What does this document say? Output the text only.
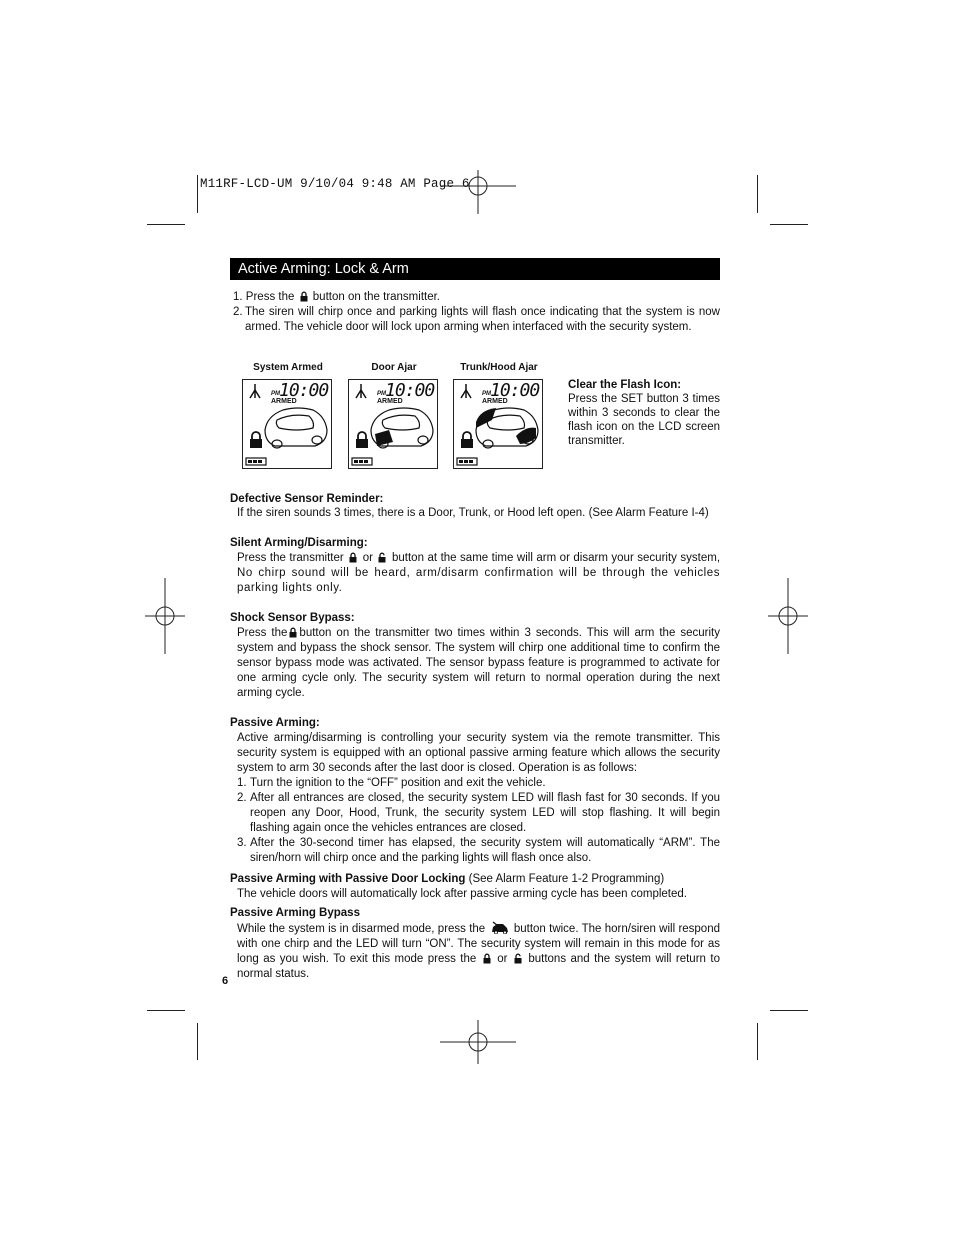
M11RF-LCD-UM 9/10/04 9:48 AM Page 6
Active Arming: Lock & Arm
1. Press the button on the transmitter.
2. The siren will chirp once and parking lights will flash once indicating that the system is now armed. The vehicle door will lock upon arming when interfaced with the security system.
System Armed	Door Ajar	Trunk/Hood Ajar
PM 10:00
ARMED
PM 10:00
ARMED
PM 10:00
ARMED
Clear the Flash Icon:
Press the SET button 3 times within 3 seconds to clear the flash icon on the LCD screen transmitter.
Defective Sensor Reminder:
If the siren sounds 3 times, there is a Door, Trunk, or Hood left open. (See Alarm Feature I-4)
Silent Arming/Disarming:
Press the transmitter or button at the same time will arm or disarm your security system,
No chirp sound will be heard, arm/disarm confirmation will be through the vehicles parking lights only.
Shock Sensor Bypass:
Press the button on the transmitter two times within 3 seconds. This will arm the security system and bypass the shock sensor. The system will chirp one additional time to confirm the sensor bypass mode was activated. The sensor bypass feature is programmed to activate for one arming cycle only. The security system will return to normal operation during the next arming cycle.
Passive Arming:
Active arming/disarming is controlling your security system via the remote transmitter. This security system is equipped with an optional passive arming feature which allows the security system to arm 30 seconds after the last door is closed. Operation is as follows:
1. Turn the ignition to the “OFF” position and exit the vehicle.
2. After all entrances are closed, the security system LED will flash fast for 30 seconds. If you reopen any Door, Hood, Trunk, the security system LED will stop flashing. It will begin flashing again once the vehicles entrances are closed.
3. After the 30-second timer has elapsed, the security system will automatically “ARM”. The siren/horn will chirp once and the parking lights will flash once also.
Passive Arming with Passive Door Locking (See Alarm Feature 1-2 Programming)
The vehicle doors will automatically lock after passive arming cycle has been completed.
Passive Arming Bypass
While the system is in disarmed mode, press the button twice. The horn/siren will respond with one chirp and the LED will turn “ON”. The security system will remain in this mode for as long as you wish. To exit this mode press the or buttons and the system will return to normal status.
6
